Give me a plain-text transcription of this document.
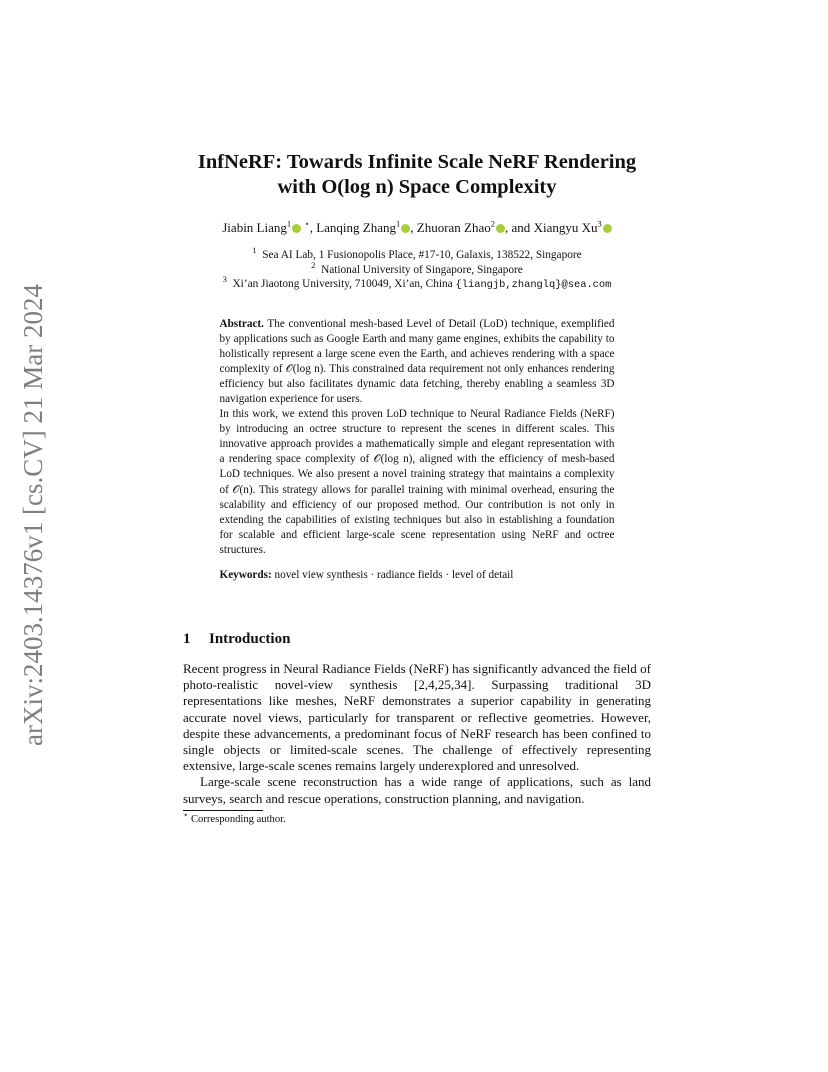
arXiv:2403.14376v1 [cs.CV] 21 Mar 2024
InfNeRF: Towards Infinite Scale NeRF Rendering
with O(log n) Space Complexity
Jiabin Liang$^1$ ⋆, Lanqing Zhang$^1$ , Zhuoran Zhao$^2$ , and Xiangyu Xu$^3$
$^1$ Sea AI Lab, 1 Fusionopolis Place, #17-10, Galaxis, 138522, Singapore
$^2$ National University of Singapore, Singapore
$^3$ Xi’an Jiaotong University, 710049, Xi’an, China {liangjb,zhanglq}@sea.com

Abstract. The conventional mesh-based Level of Detail (LoD) technique, exemplified by applications such as Google Earth and many game engines, exhibits the capability to holistically represent a large scene even the Earth, and achieves rendering with a space complexity of 𝒪(log n). This constrained data requirement not only enhances rendering efficiency but also facilitates dynamic data fetching, thereby enabling a seamless 3D navigation experience for users.

In this work, we extend this proven LoD technique to Neural Radiance Fields (NeRF) by introducing an octree structure to represent the scenes in different scales. This innovative approach provides a mathematically simple and elegant representation with a rendering space complexity of 𝒪(log n), aligned with the efficiency of mesh-based LoD techniques. We also present a novel training strategy that maintains a complexity of 𝒪(n). This strategy allows for parallel training with minimal overhead, ensuring the scalability and efficiency of our proposed method. Our contribution is not only in extending the capabilities of existing techniques but also in establishing a foundation for scalable and efficient large-scale scene representation using NeRF and octree structures.

Keywords: novel view synthesis · radiance fields · level of detail
1 Introduction

Recent progress in Neural Radiance Fields (NeRF) has significantly advanced the field of photo-realistic novel-view synthesis [2,4,25,34]. Surpassing traditional 3D representations like meshes, NeRF demonstrates a superior capability in generating accurate novel views, particularly for transparent or reflective geometries. However, despite these advancements, a predominant focus of NeRF research has been confined to single objects or limited-scale scenes. The challenge of effectively representing extensive, large-scale scenes remains largely underexplored and unresolved.

Large-scale scene reconstruction has a wide range of applications, such as land surveys, search and rescue operations, construction planning, and navigation.

⋆ Corresponding author.
